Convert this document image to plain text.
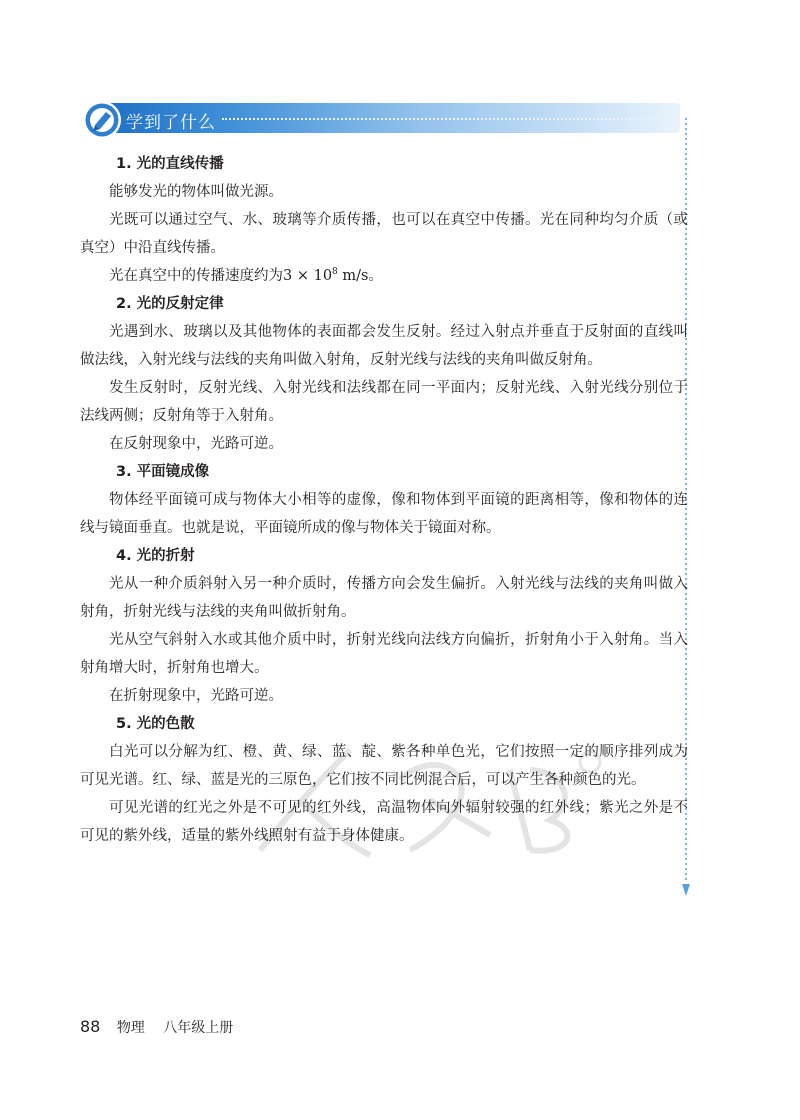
学到了什么
1. 光的直线传播

能够发光的物体叫做光源。

光既可以通过空气、水、玻璃等介质传播，也可以在真空中传播。光在同种均匀介质（或真空）中沿直线传播。

光在真空中的传播速度约为$3 \times 10^8$ m/s。

2. 光的反射定律

光遇到水、玻璃以及其他物体的表面都会发生反射。经过入射点并垂直于反射面的直线叫做法线，入射光线与法线的夹角叫做入射角，反射光线与法线的夹角叫做反射角。

发生反射时，反射光线、入射光线和法线都在同一平面内；反射光线、入射光线分别位于法线两侧；反射角等于入射角。

在反射现象中，光路可逆。

3. 平面镜成像

物体经平面镜可成与物体大小相等的虚像，像和物体到平面镜的距离相等，像和物体的连线与镜面垂直。也就是说，平面镜所成的像与物体关于镜面对称。

4. 光的折射

光从一种介质斜射入另一种介质时，传播方向会发生偏折。入射光线与法线的夹角叫做入射角，折射光线与法线的夹角叫做折射角。

光从空气斜射入水或其他介质中时，折射光线向法线方向偏折，折射角小于入射角。当入射角增大时，折射角也增大。

在折射现象中，光路可逆。

5. 光的色散

白光可以分解为红、橙、黄、绿、蓝、靛、紫各种单色光，它们按照一定的顺序排列成为可见光谱。红、绿、蓝是光的三原色，它们按不同比例混合后，可以产生各种颜色的光。

可见光谱的红光之外是不可见的红外线，高温物体向外辐射较强的红外线；紫光之外是不可见的紫外线，适量的紫外线照射有益于身体健康。

88 物理 八年级上册
